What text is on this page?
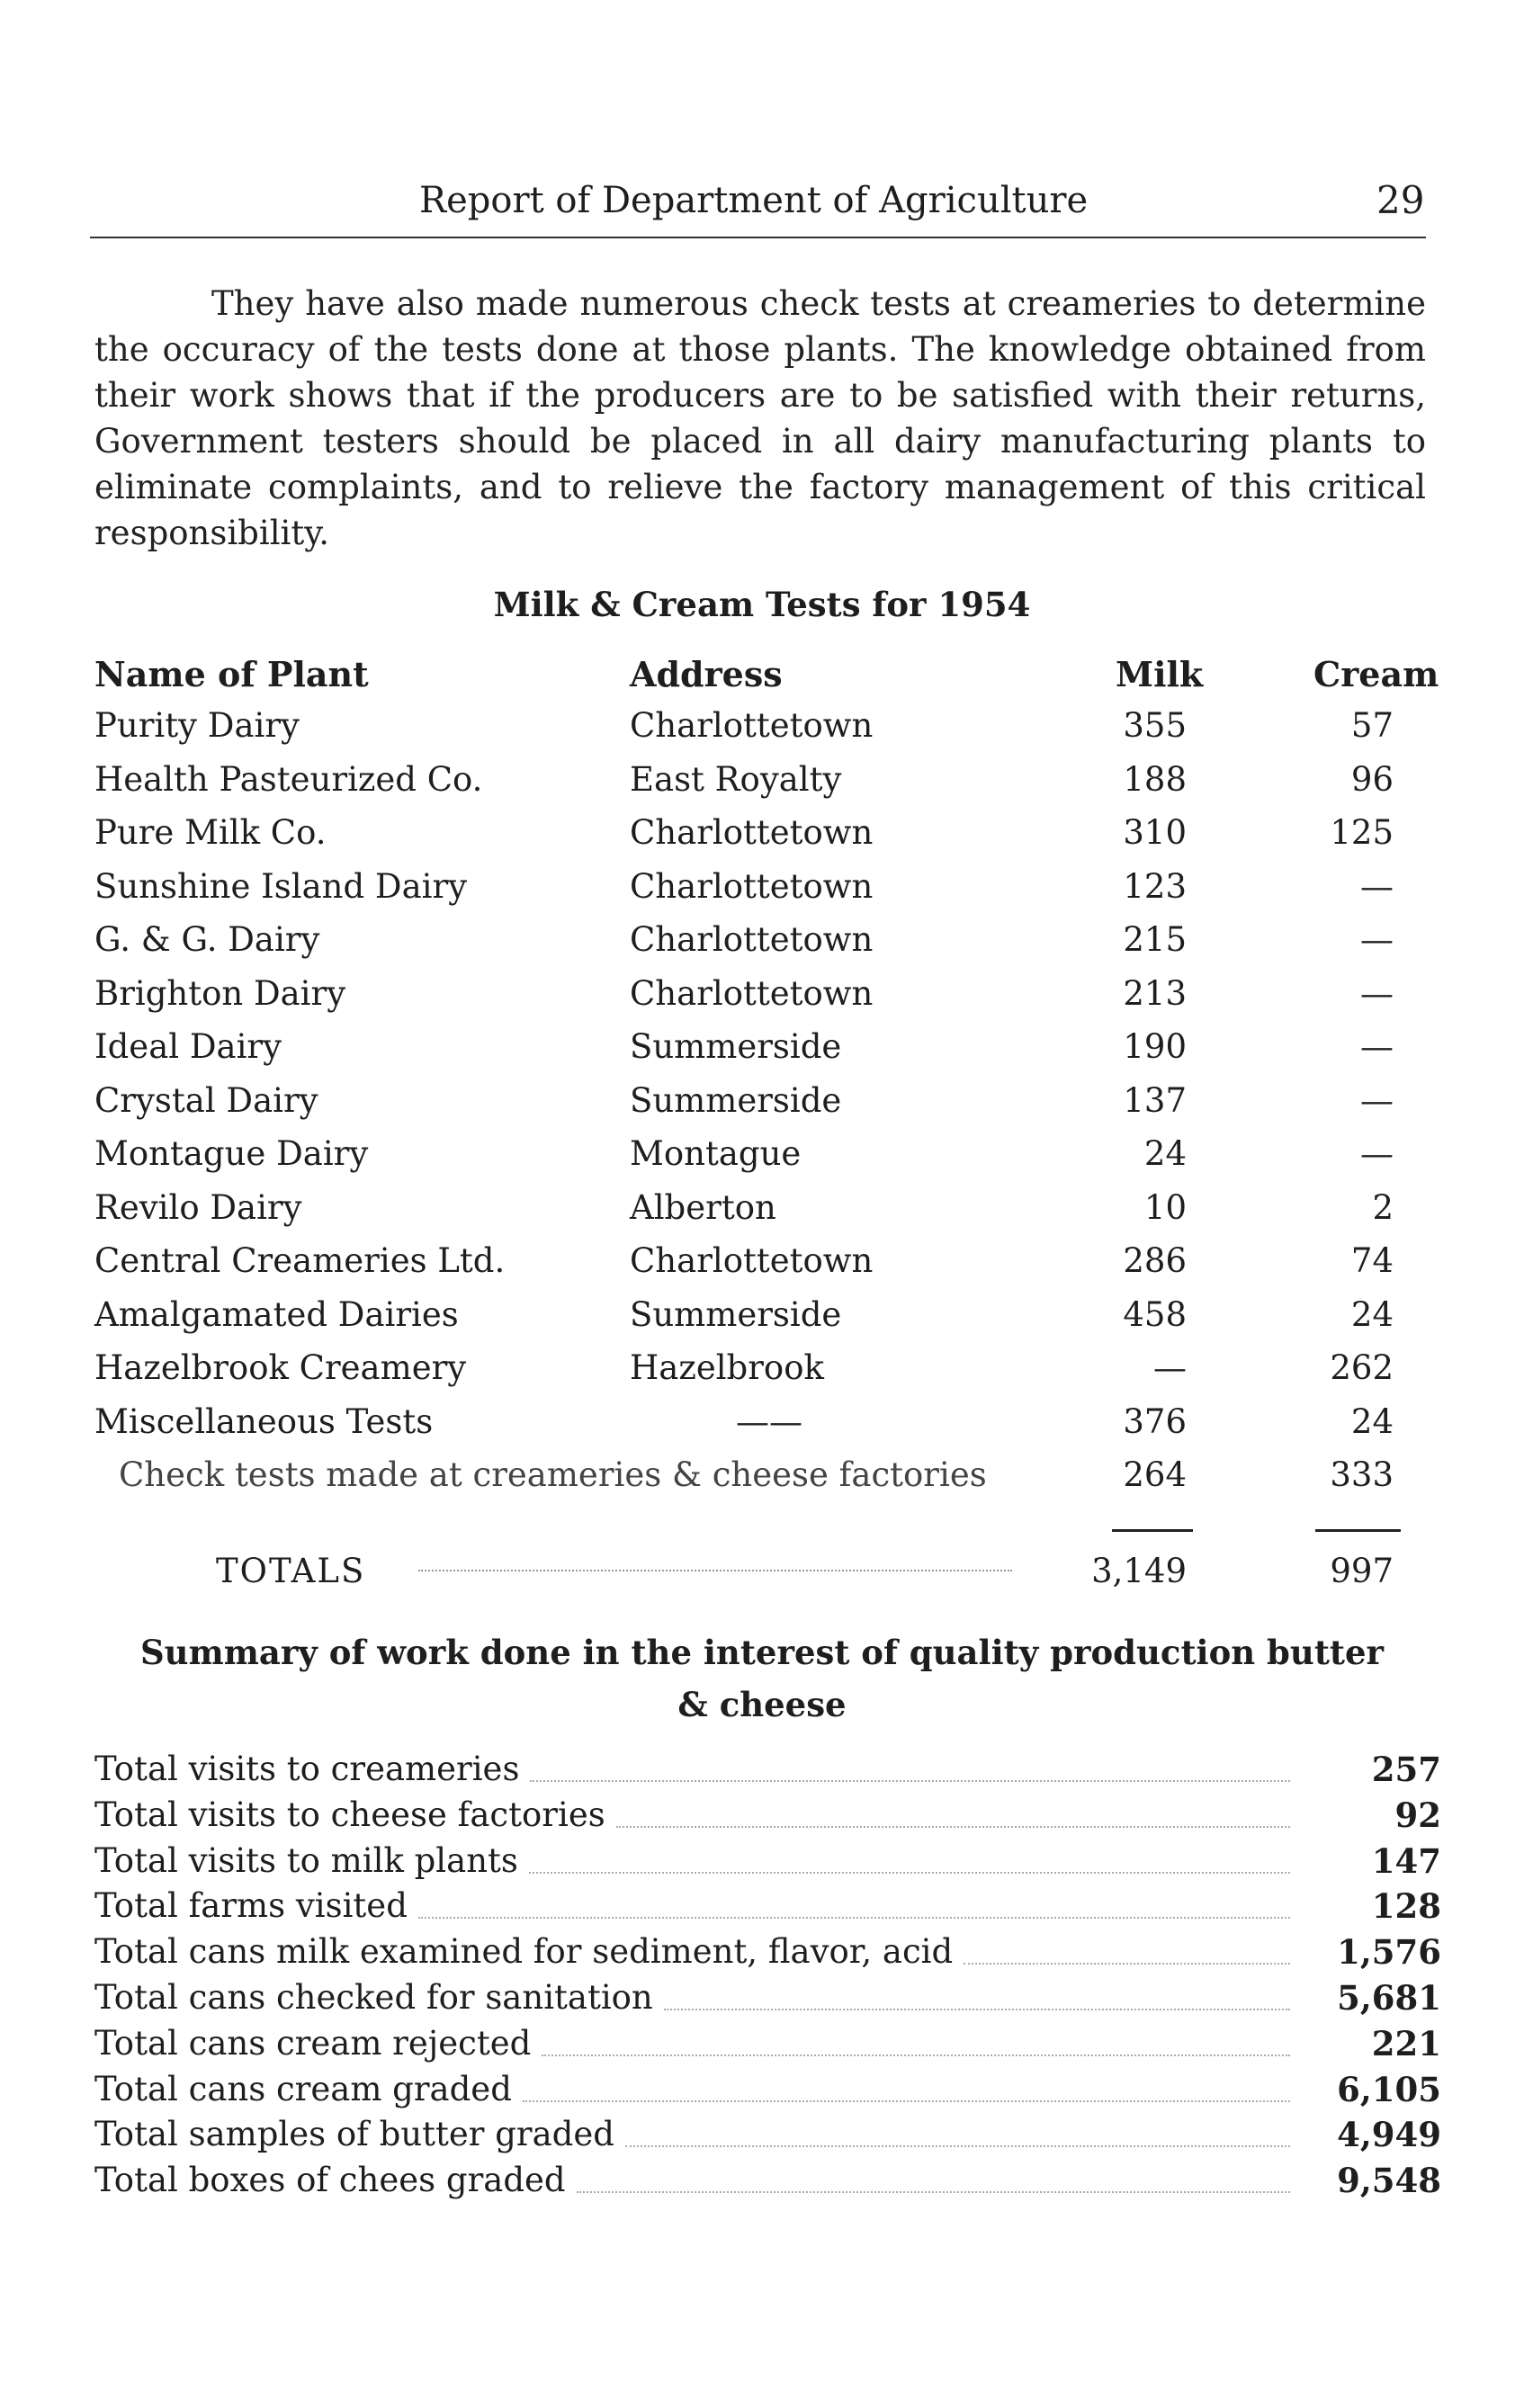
Report of Department of Agriculture	29

They have also made numerous check tests at creameries to determine the occuracy of the tests done at those plants. The knowledge obtained from their work shows that if the producers are to be satisfied with their returns, Government testers should be placed in all dairy manufacturing plants to eliminate complaints, and to relieve the factory management of this critical responsibility.

Milk & Cream Tests for 1954
Name of Plant	Address	Milk	Cream
Purity Dairy	Charlottetown	355	57
Health Pasteurized Co.	East Royalty	188	96
Pure Milk Co.	Charlottetown	310	125
Sunshine Island Dairy	Charlottetown	123	—
G. & G. Dairy	Charlottetown	215	—
Brighton Dairy	Charlottetown	213	—
Ideal Dairy	Summerside	190	—
Crystal Dairy	Summerside	137	—
Montague Dairy	Montague	24	—
Revilo Dairy	Alberton	10	2
Central Creameries Ltd.	Charlottetown	286	74
Amalgamated Dairies	Summerside	458	24
Hazelbrook Creamery	Hazelbrook	—	262
Miscellaneous Tests	——	376	24
Check tests made at creameries & cheese factories	264	333
TOTALS	3,149	997
Summary of work done in the interest of quality production butter
& cheese
Total visits to creameries	257
Total visits to cheese factories	92
Total visits to milk plants	147
Total farms visited	128
Total cans milk examined for sediment, flavor, acid	1,576
Total cans checked for sanitation	5,681
Total cans cream rejected	221
Total cans cream graded	6,105
Total samples of butter graded	4,949
Total boxes of chees graded	9,548
